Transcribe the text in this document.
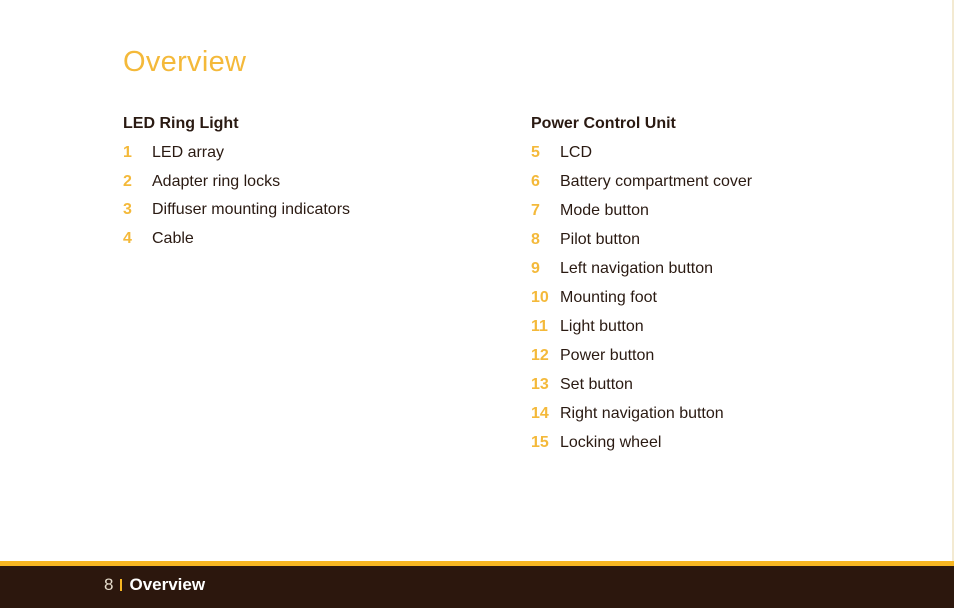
Overview
LED Ring Light
1	LED array
2	Adapter ring locks
3	Diffuser mounting indicators
4	Cable
Power Control Unit
5	LCD
6	Battery compartment cover
7	Mode button
8	Pilot button
9	Left navigation button
10 Mounting foot
11 Light button
12 Power button
13 Set button
14 Right navigation button
15 Locking wheel
8 Overview
